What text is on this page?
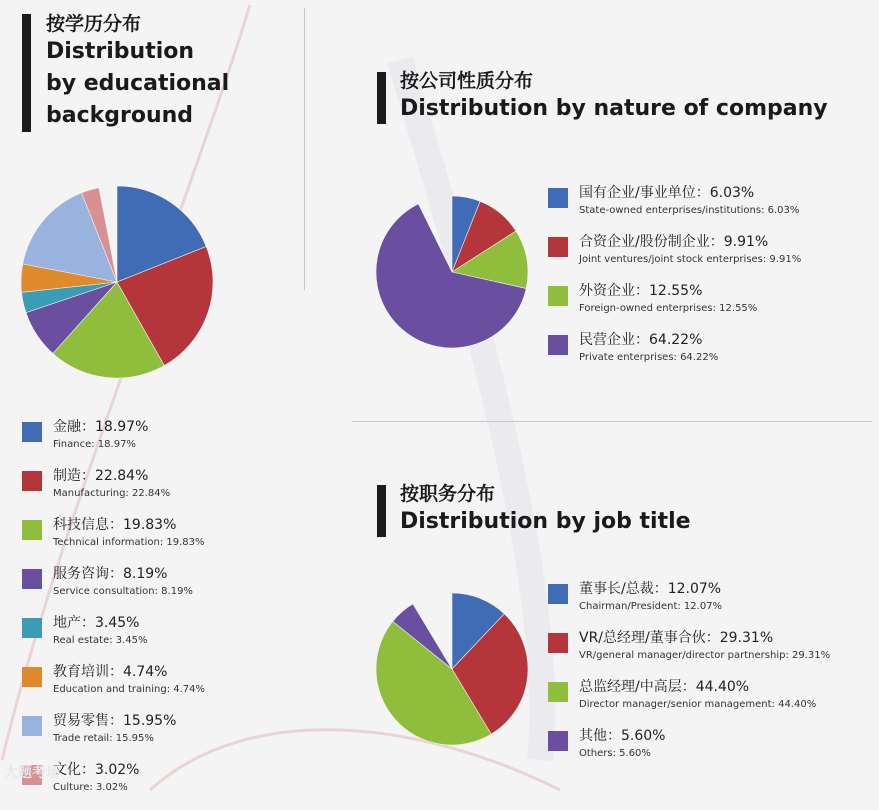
按学历分布
Distribution
by educational
background
金融：18.97%
Finance: 18.97%
制造：22.84%
Manufacturing: 22.84%
科技信息：19.83%
Technical information: 19.83%
服务咨询：8.19%
Service consultation: 8.19%
地产：3.45%
Real estate: 3.45%
教育培训：4.74%
Education and training: 4.74%
贸易零售：15.95%
Trade retail: 15.95%
文化：3.02%
Culture: 3.02%
按公司性质分布
Distribution by nature of company
国有企业/事业单位：6.03%
State-owned enterprises/institutions: 6.03%
合资企业/股份制企业：9.91%
Joint ventures/joint stock enterprises: 9.91%
外资企业：12.55%
Foreign-owned enterprises: 12.55%
民营企业：64.22%
Private enterprises: 64.22%
按职务分布
Distribution by job title
董事长/总裁：12.07%
Chairman/President: 12.07%
VR/总经理/董事合伙：29.31%
VR/general manager/director partnership: 29.31%
总监经理/中高层：44.40%
Director manager/senior management: 44.40%
其他：5.60%
Others: 5.60%
大题考场
